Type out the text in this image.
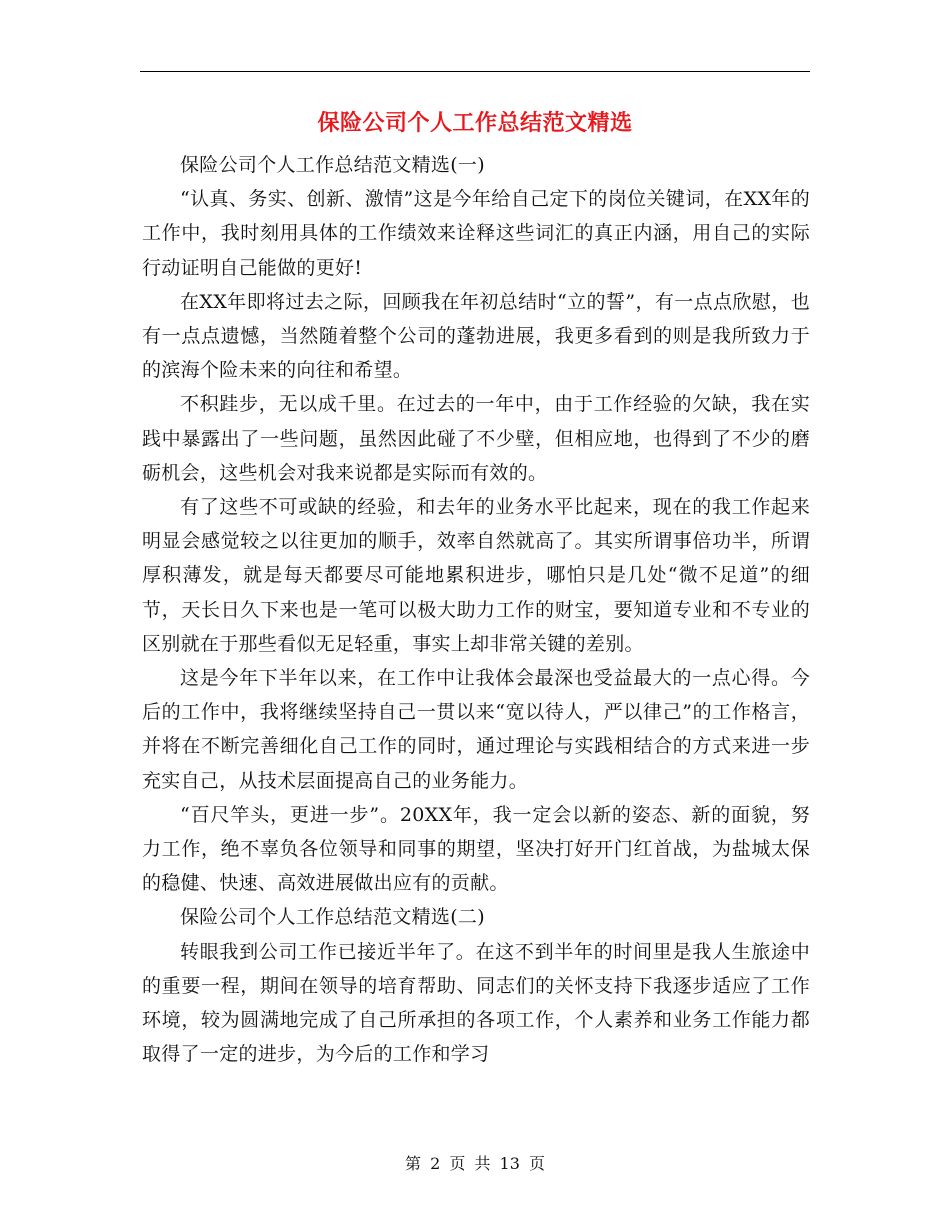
保险公司个人工作总结范文精选

保险公司个人工作总结范文精选(一)

“认真、务实、创新、激情”这是今年给自己定下的岗位关键词，在XX年的工作中，我时刻用具体的工作绩效来诠释这些词汇的真正内涵，用自己的实际行动证明自己能做的更好!

在XX年即将过去之际，回顾我在年初总结时“立的誓”，有一点点欣慰，也有一点点遗憾，当然随着整个公司的蓬勃进展，我更多看到的则是我所致力于的滨海个险未来的向往和希望。

不积跬步，无以成千里。在过去的一年中，由于工作经验的欠缺，我在实践中暴露出了一些问题，虽然因此碰了不少壁，但相应地，也得到了不少的磨砺机会，这些机会对我来说都是实际而有效的。

有了这些不可或缺的经验，和去年的业务水平比起来，现在的我工作起来明显会感觉较之以往更加的顺手，效率自然就高了。其实所谓事倍功半，所谓厚积薄发，就是每天都要尽可能地累积进步，哪怕只是几处“微不足道”的细节，天长日久下来也是一笔可以极大助力工作的财宝，要知道专业和不专业的区别就在于那些看似无足轻重，事实上却非常关键的差别。

这是今年下半年以来，在工作中让我体会最深也受益最大的一点心得。今后的工作中，我将继续坚持自己一贯以来“宽以待人，严以律己”的工作格言，并将在不断完善细化自己工作的同时，通过理论与实践相结合的方式来进一步充实自己，从技术层面提高自己的业务能力。

“百尺竿头，更进一步”。20XX年，我一定会以新的姿态、新的面貌，努力工作，绝不辜负各位领导和同事的期望，坚决打好开门红首战，为盐城太保的稳健、快速、高效进展做出应有的贡献。

保险公司个人工作总结范文精选(二)

转眼我到公司工作已接近半年了。在这不到半年的时间里是我人生旅途中的重要一程，期间在领导的培育帮助、同志们的关怀支持下我逐步适应了工作环境，较为圆满地完成了自己所承担的各项工作，个人素养和业务工作能力都取得了一定的进步，为今后的工作和学习

第 2 页 共 13 页
